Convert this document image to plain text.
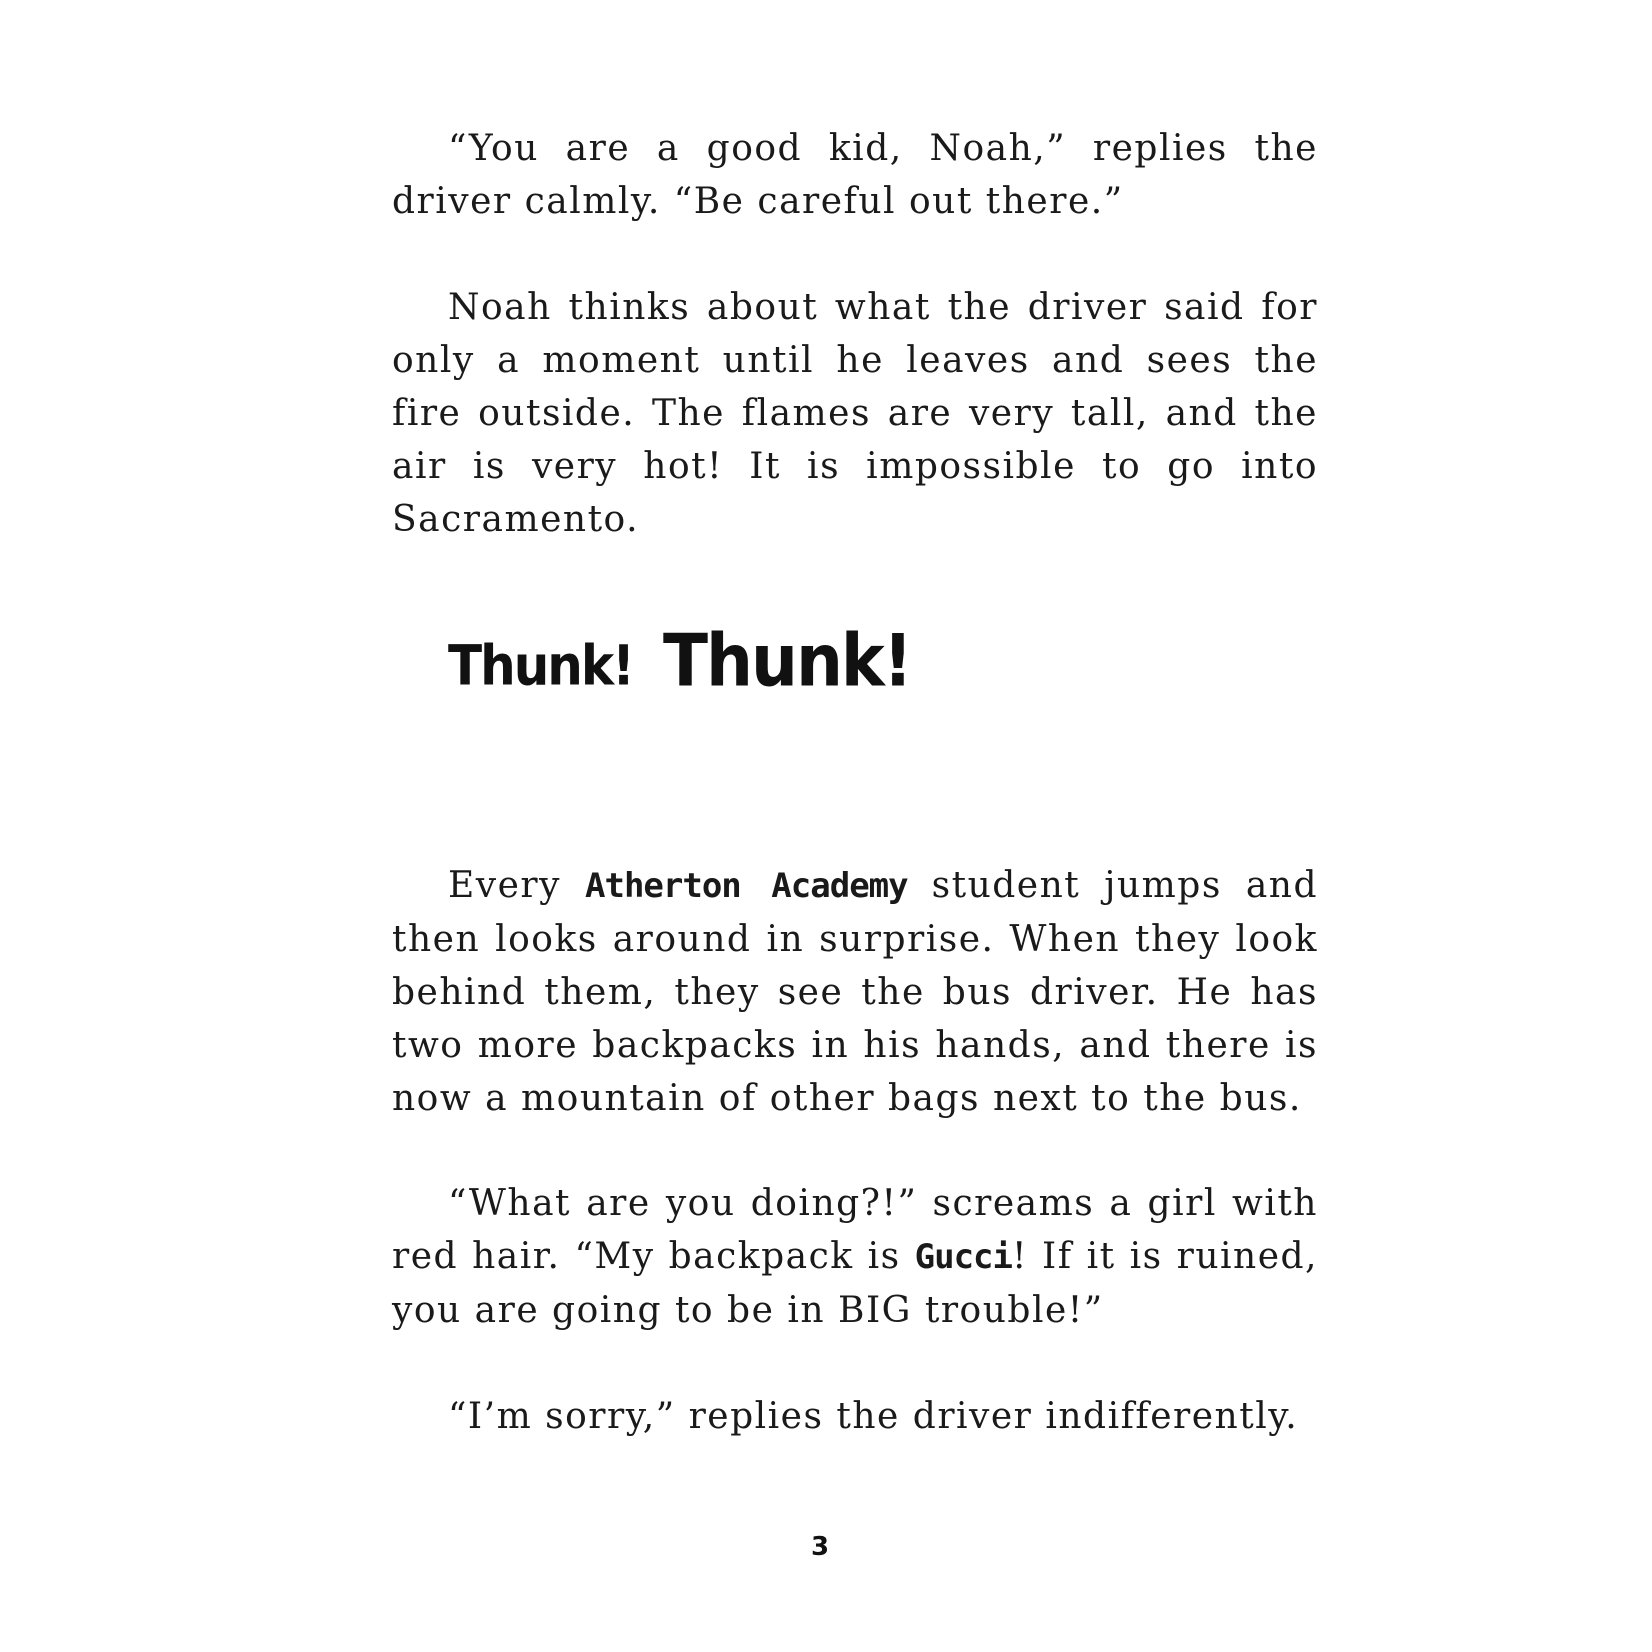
“You are a good kid, Noah,” replies the driver calmly. “Be careful out there.”

Noah thinks about what the driver said for only a moment until he leaves and sees the fire outside. The flames are very tall, and the air is very hot! It is impossible to go into Sacramento.

Thunk! Thunk!

Every Atherton Academy student jumps and then looks around in surprise. When they look behind them, they see the bus driver. He has two more backpacks in his hands, and there is now a mountain of other bags next to the bus.

“What are you doing?!” screams a girl with red hair. “My backpack is Gucci! If it is ruined, you are going to be in BIG trouble!”

“I’m sorry,” replies the driver indifferently.

3
